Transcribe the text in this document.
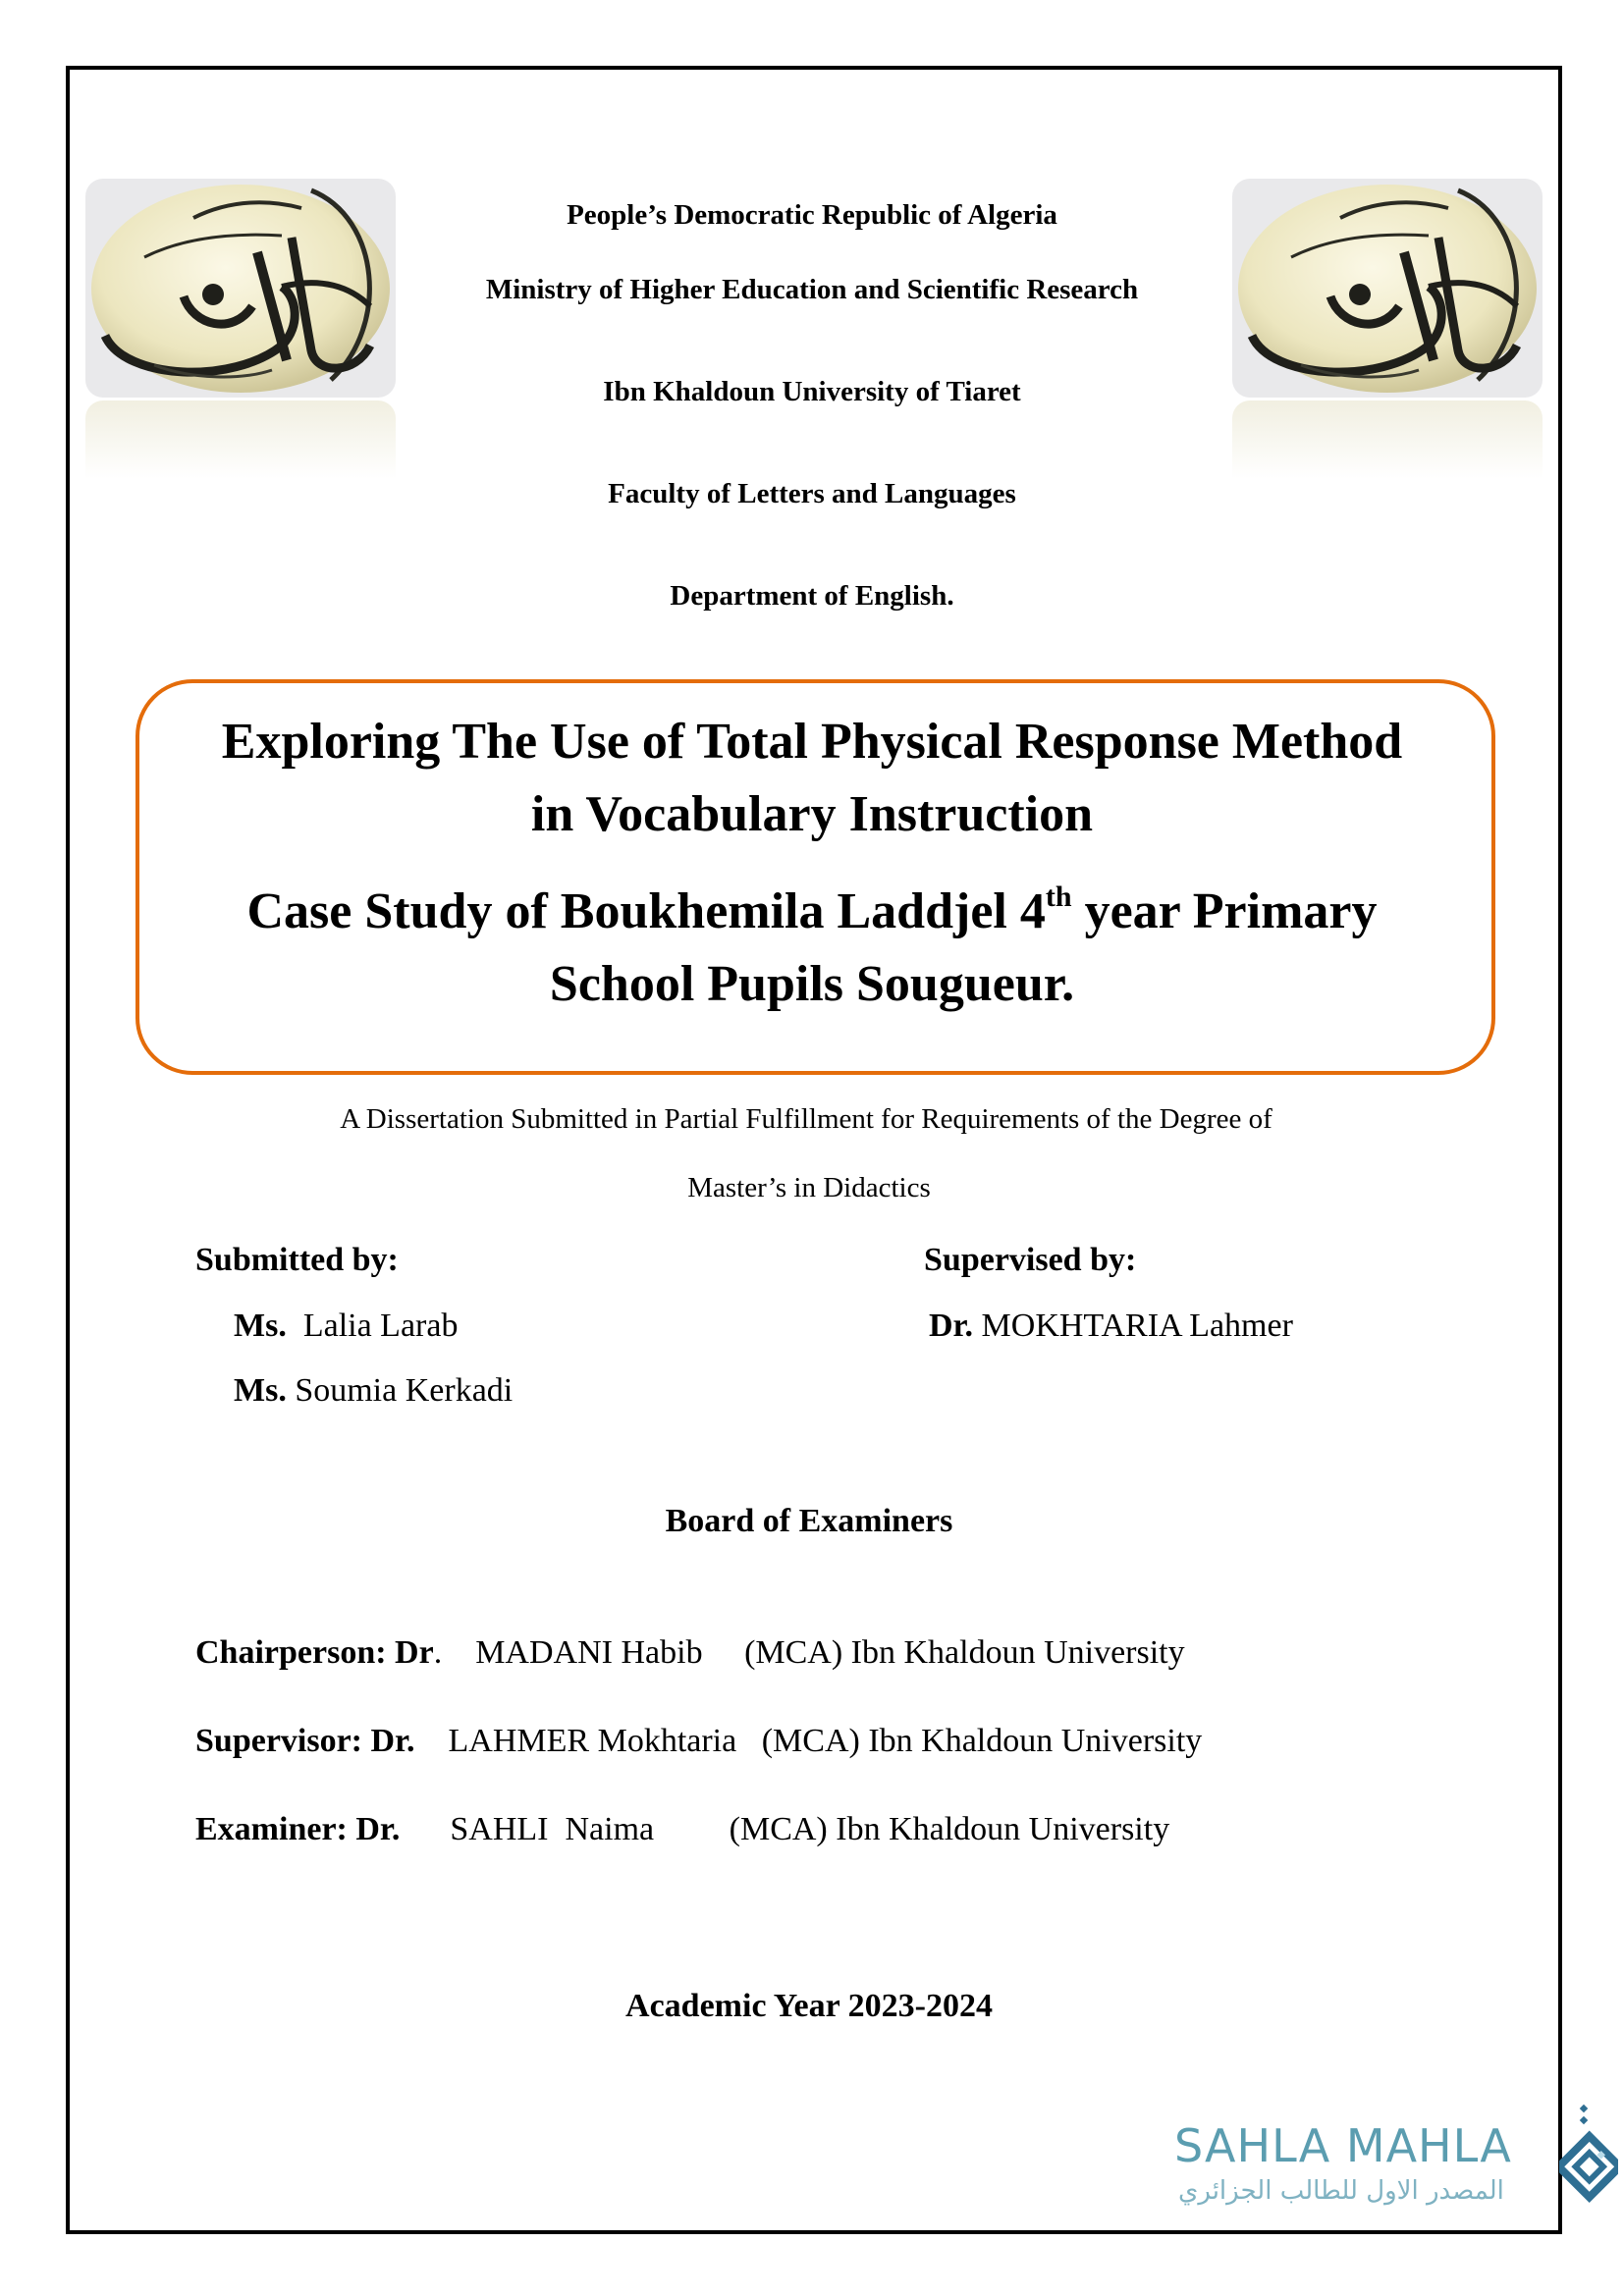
People’s Democratic Republic of Algeria
Ministry of Higher Education and Scientific Research
Ibn Khaldoun University of Tiaret
Faculty of Letters and Languages
Department of English.
Exploring The Use of Total Physical Response Method
in Vocabulary Instruction
Case Study of Boukhemila Laddjel 4th year Primary
School Pupils Sougueur.
A Dissertation Submitted in Partial Fulfillment for Requirements of the Degree of
Master’s in Didactics
Submitted by:
Ms.  Lalia Larab
Ms. Soumia Kerkadi
Supervised by:
Dr. MOKHTARIA Lahmer
Board of Examiners
Chairperson: Dr.    MADANI Habib     (MCA) Ibn Khaldoun University
Supervisor: Dr.    LAHMER Mokhtaria   (MCA) Ibn Khaldoun University
Examiner: Dr.      SAHLI  Naima         (MCA) Ibn Khaldoun University
Academic Year 2023-2024
SAHLA MAHLA
المصدر الاول للطالب الجزائري
